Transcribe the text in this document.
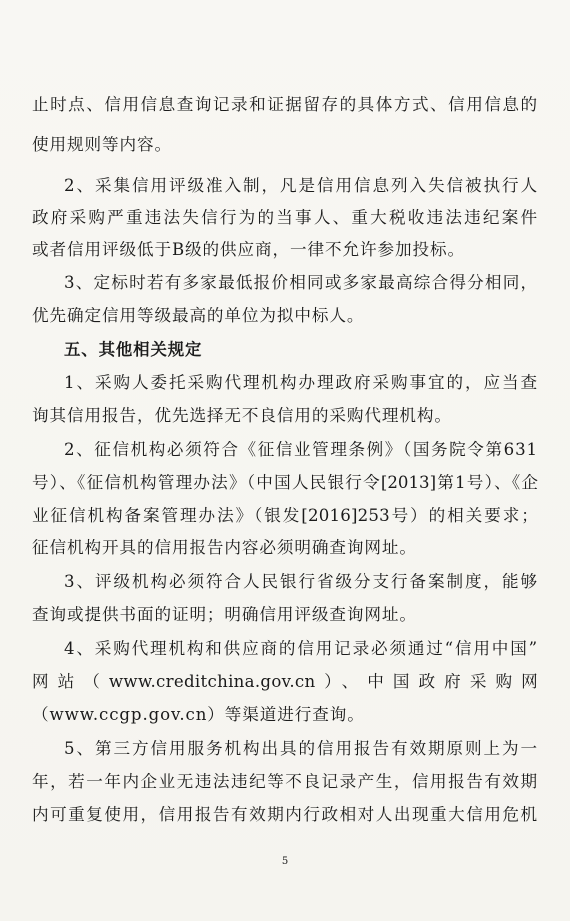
止时点、信用信息查询记录和证据留存的具体方式、信用信息的
使用规则等内容。
2、采集信用评级准入制，凡是信用信息列入失信被执行人
政府采购严重违法失信行为的当事人、重大税收违法违纪案件
或者信用评级低于B级的供应商，一律不允许参加投标。
3、定标时若有多家最低报价相同或多家最高综合得分相同，
优先确定信用等级最高的单位为拟中标人。
五、其他相关规定
1、采购人委托采购代理机构办理政府采购事宜的，应当查
询其信用报告，优先选择无不良信用的采购代理机构。
2、征信机构必须符合《征信业管理条例》（国务院令第631
号）、《征信机构管理办法》（中国人民银行令[2013]第1号）、《企
业征信机构备案管理办法》（银发[2016]253号）的相关要求；
征信机构开具的信用报告内容必须明确查询网址。
3、评级机构必须符合人民银行省级分支行备案制度，能够
查询或提供书面的证明；明确信用评级查询网址。
4、采购代理机构和供应商的信用记录必须通过“信用中国”
网站（www.creditchina.gov.cn）、中国政府采购网
（www.ccgp.gov.cn）等渠道进行查询。
5、第三方信用服务机构出具的信用报告有效期原则上为一
年，若一年内企业无违法违纪等不良记录产生，信用报告有效期
内可重复使用，信用报告有效期内行政相对人出现重大信用危机
5
